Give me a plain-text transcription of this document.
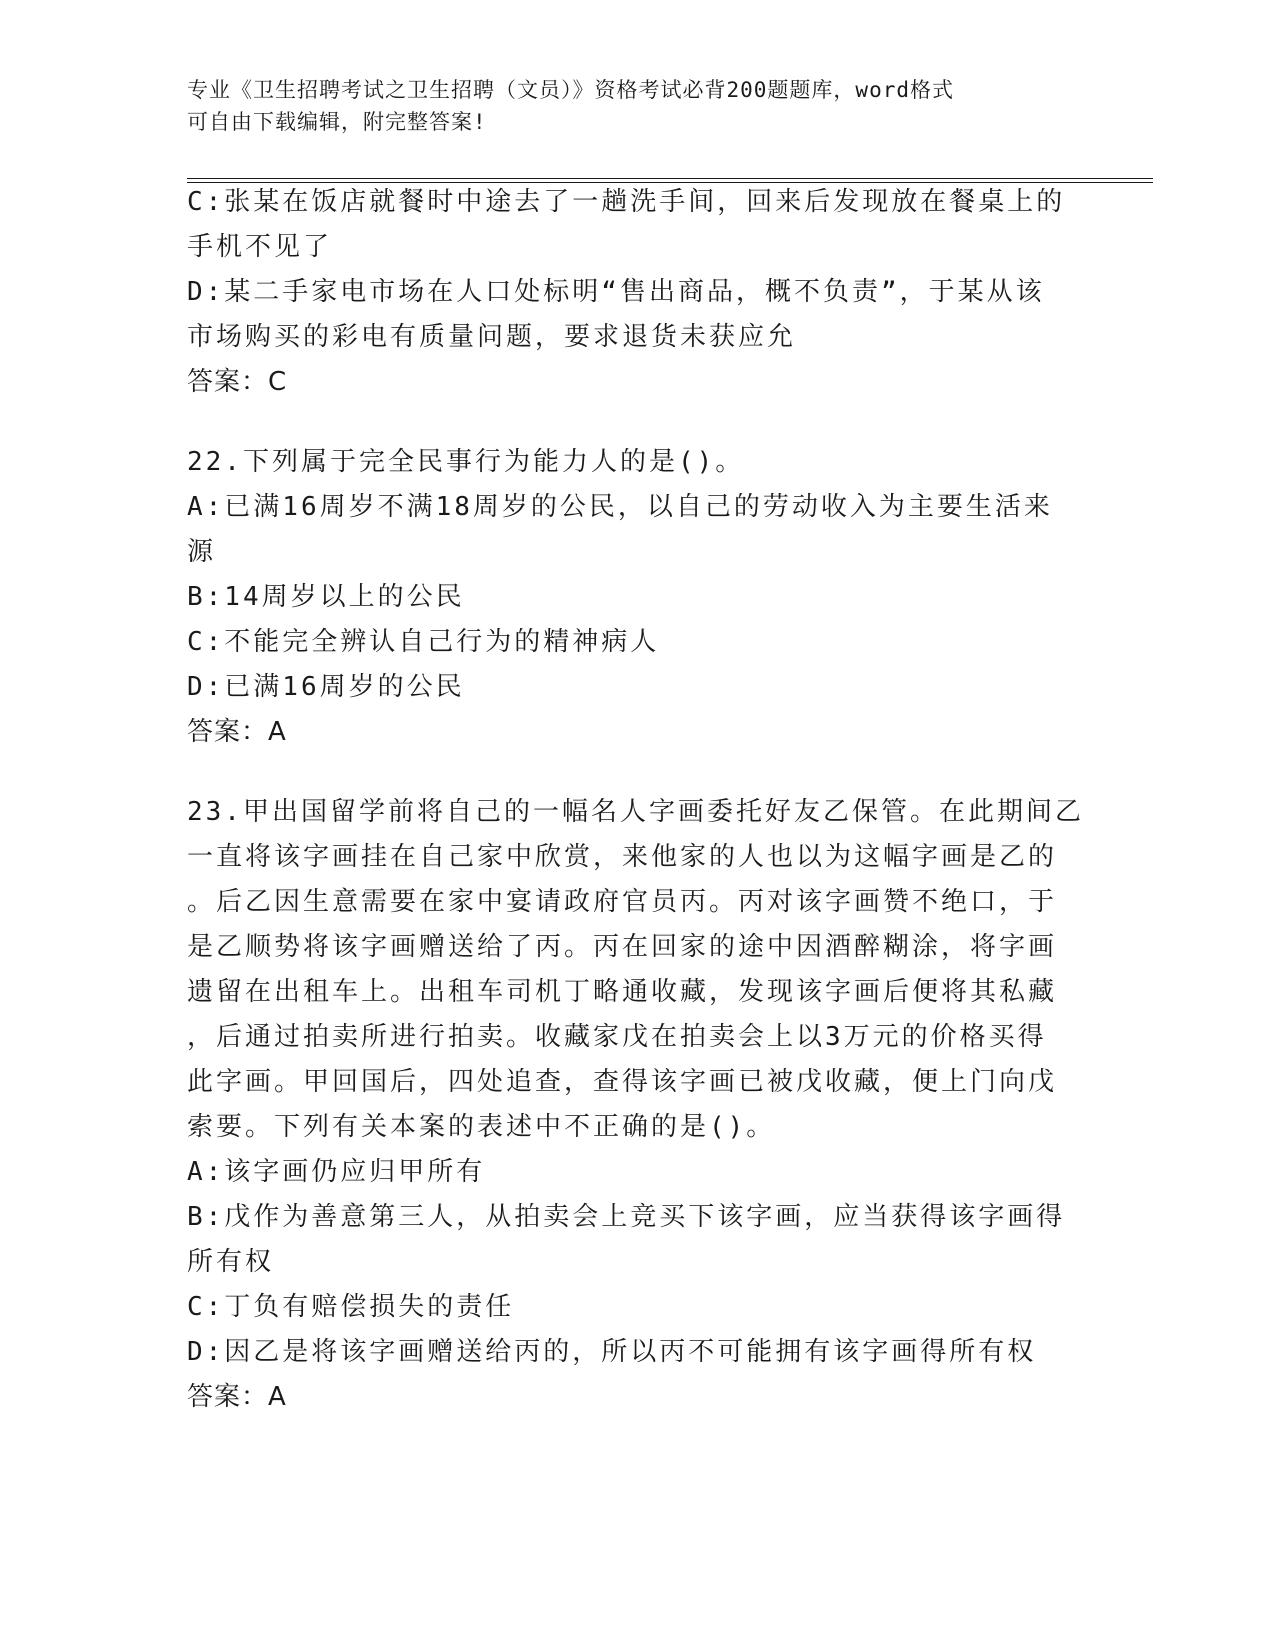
专业《卫生招聘考试之卫生招聘（文员）》资格考试必背200题题库，word格式
可自由下载编辑，附完整答案!
C:张某在饭店就餐时中途去了一趟洗手间，回来后发现放在餐桌上的
手机不见了
D:某二手家电市场在人口处标明“售出商品，概不负责”，于某从该
市场购买的彩电有质量问题，要求退货未获应允
答案：C
22.下列属于完全民事行为能力人的是()。
A:已满16周岁不满18周岁的公民，以自己的劳动收入为主要生活来
源
B:14周岁以上的公民
C:不能完全辨认自己行为的精神病人
D:已满16周岁的公民
答案：A
23.甲出国留学前将自己的一幅名人字画委托好友乙保管。在此期间乙
一直将该字画挂在自己家中欣赏，来他家的人也以为这幅字画是乙的
。后乙因生意需要在家中宴请政府官员丙。丙对该字画赞不绝口，于
是乙顺势将该字画赠送给了丙。丙在回家的途中因酒醉糊涂，将字画
遗留在出租车上。出租车司机丁略通收藏，发现该字画后便将其私藏
，后通过拍卖所进行拍卖。收藏家戊在拍卖会上以3万元的价格买得
此字画。甲回国后，四处追查，查得该字画已被戊收藏，便上门向戊
索要。下列有关本案的表述中不正确的是()。
A:该字画仍应归甲所有
B:戊作为善意第三人，从拍卖会上竞买下该字画，应当获得该字画得
所有权
C:丁负有赔偿损失的责任
D:因乙是将该字画赠送给丙的，所以丙不可能拥有该字画得所有权
答案：A
